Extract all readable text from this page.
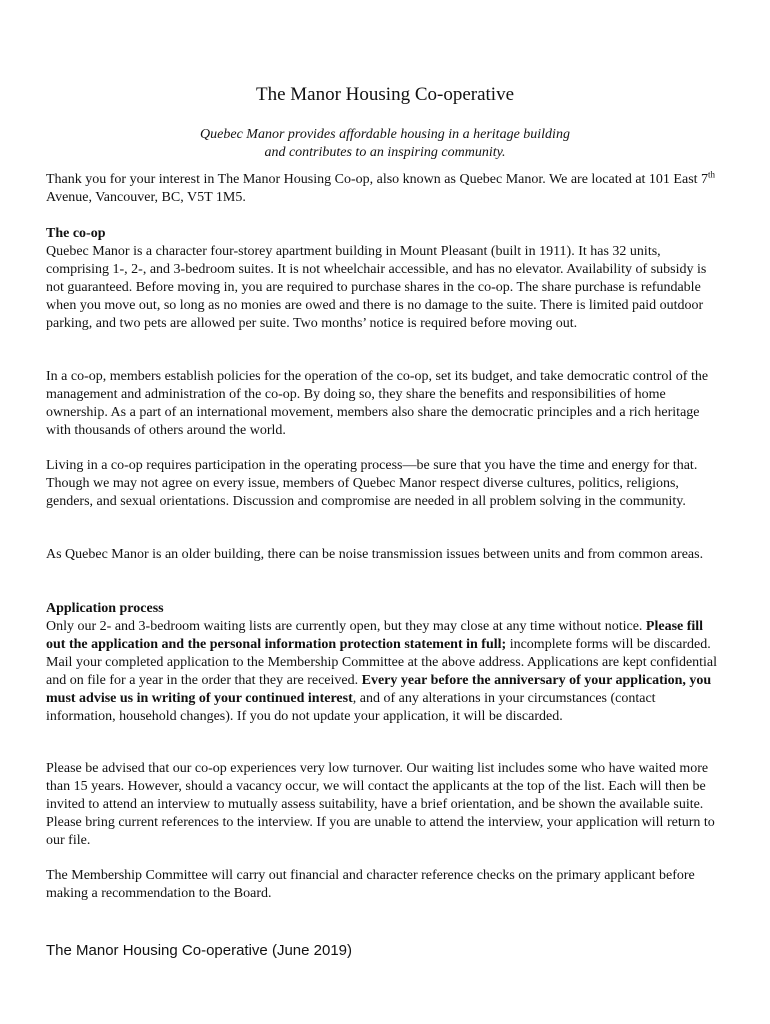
The Manor Housing Co-operative
Quebec Manor provides affordable housing in a heritage building
and contributes to an inspiring community.

Thank you for your interest in The Manor Housing Co-op, also known as Quebec Manor. We are located at 101 East 7th Avenue, Vancouver, BC, V5T 1M5.

The co-op

Quebec Manor is a character four-storey apartment building in Mount Pleasant (built in 1911). It has 32 units, comprising 1-, 2-, and 3-bedroom suites. It is not wheelchair accessible, and has no elevator. Availability of subsidy is not guaranteed. Before moving in, you are required to purchase shares in the co-op. The share purchase is refundable when you move out, so long as no monies are owed and there is no damage to the suite. There is limited paid outdoor parking, and two pets are allowed per suite. Two months’ notice is required before moving out.

In a co-op, members establish policies for the operation of the co-op, set its budget, and take democratic control of the management and administration of the co-op. By doing so, they share the benefits and responsibilities of home ownership. As a part of an international movement, members also share the democratic principles and a rich heritage with thousands of others around the world.

Living in a co-op requires participation in the operating process—be sure that you have the time and energy for that. Though we may not agree on every issue, members of Quebec Manor respect diverse cultures, politics, religions, genders, and sexual orientations. Discussion and compromise are needed in all problem solving in the community.

As Quebec Manor is an older building, there can be noise transmission issues between units and from common areas.

Application process

Only our 2- and 3-bedroom waiting lists are currently open, but they may close at any time without notice. Please fill out the application and the personal information protection statement in full; incomplete forms will be discarded. Mail your completed application to the Membership Committee at the above address. Applications are kept confidential and on file for a year in the order that they are received. Every year before the anniversary of your application, you must advise us in writing of your continued interest, and of any alterations in your circumstances (contact information, household changes). If you do not update your application, it will be discarded.

Please be advised that our co-op experiences very low turnover. Our waiting list includes some who have waited more than 15 years. However, should a vacancy occur, we will contact the applicants at the top of the list. Each will then be invited to attend an interview to mutually assess suitability, have a brief orientation, and be shown the available suite. Please bring current references to the interview. If you are unable to attend the interview, your application will return to our file.

The Membership Committee will carry out financial and character reference checks on the primary applicant before making a recommendation to the Board.

The Manor Housing Co-operative (June 2019)
